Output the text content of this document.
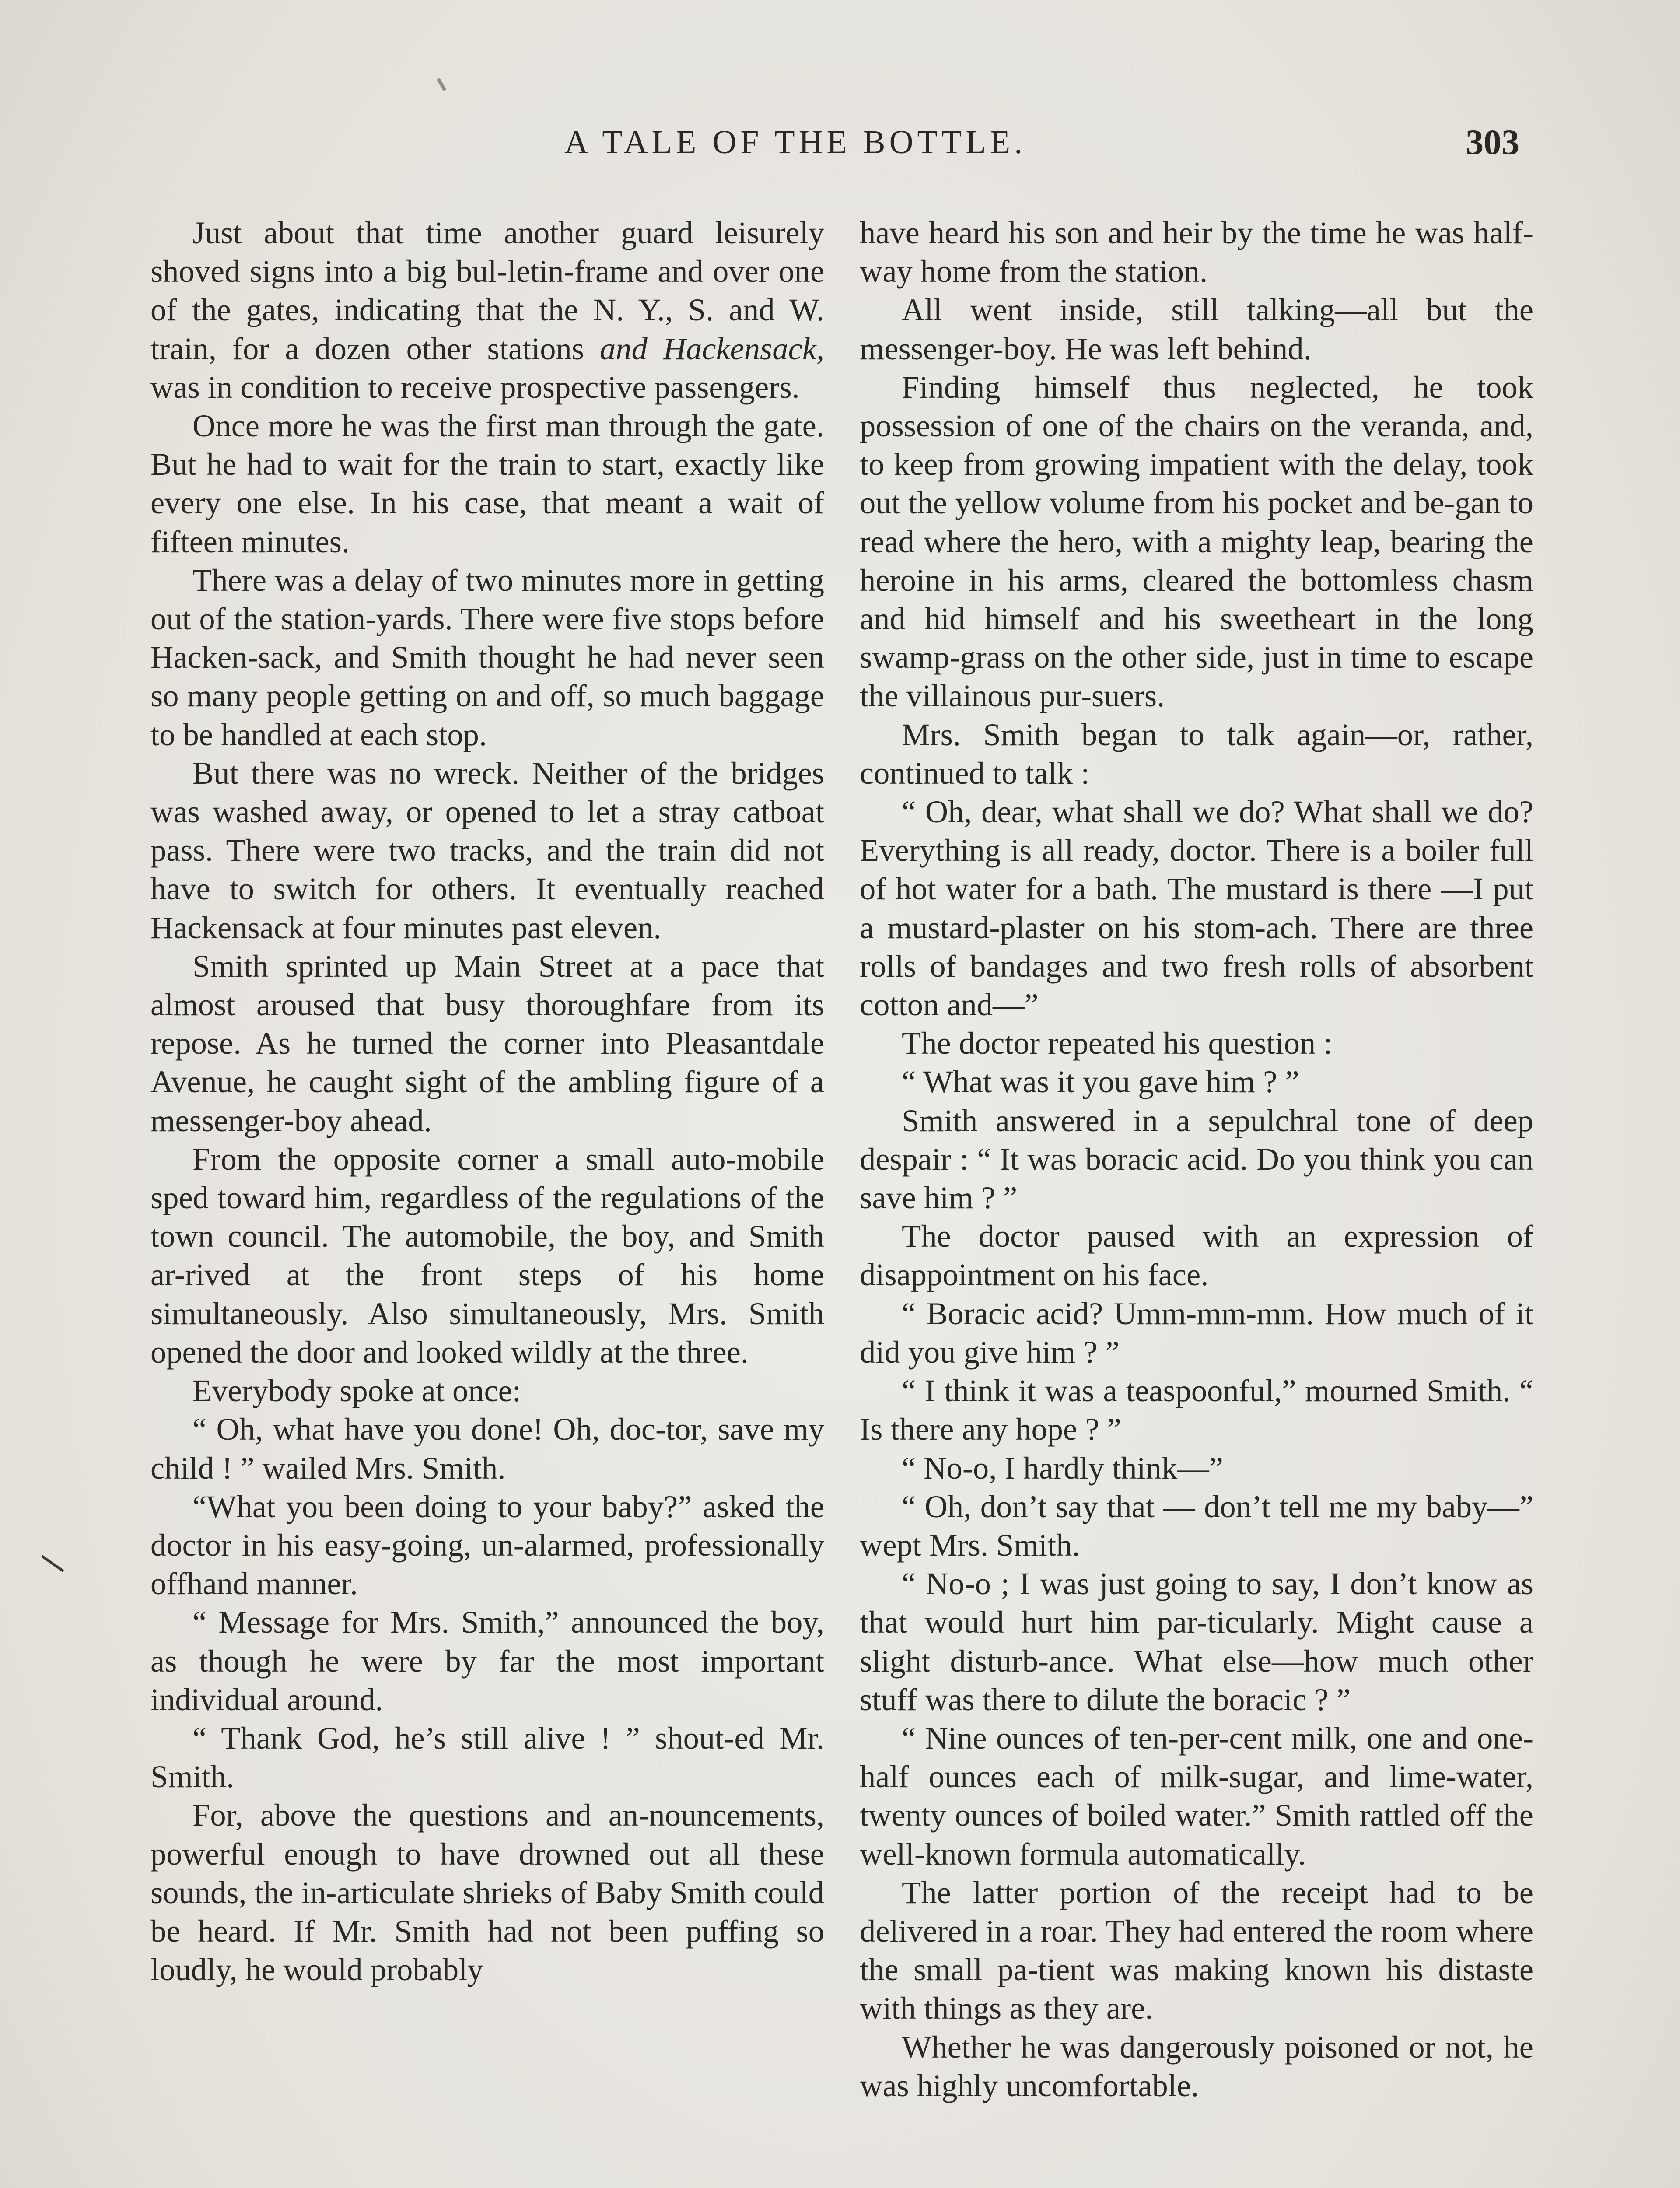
A TALE OF THE BOTTLE.	303

Just about that time another guard leisurely shoved signs into a big bul-letin-frame and over one of the gates, indicating that the N. Y., S. and W. train, for a dozen other stations and Hackensack, was in condition to receive prospective passengers.

Once more he was the first man through the gate. But he had to wait for the train to start, exactly like every one else. In his case, that meant a wait of fifteen minutes.

There was a delay of two minutes more in getting out of the station-yards. There were five stops before Hacken-sack, and Smith thought he had never seen so many people getting on and off, so much baggage to be handled at each stop.

But there was no wreck. Neither of the bridges was washed away, or opened to let a stray catboat pass. There were two tracks, and the train did not have to switch for others. It eventually reached Hackensack at four minutes past eleven.

Smith sprinted up Main Street at a pace that almost aroused that busy thoroughfare from its repose. As he turned the corner into Pleasantdale Avenue, he caught sight of the ambling figure of a messenger-boy ahead.

From the opposite corner a small auto-mobile sped toward him, regardless of the regulations of the town council. The automobile, the boy, and Smith ar-rived at the front steps of his home simultaneously. Also simultaneously, Mrs. Smith opened the door and looked wildly at the three.

Everybody spoke at once:

“ Oh, what have you done! Oh, doc-tor, save my child ! ” wailed Mrs. Smith.

“What you been doing to your baby?” asked the doctor in his easy-going, un-alarmed, professionally offhand manner.

“ Message for Mrs. Smith,” announced the boy, as though he were by far the most important individual around.

“ Thank God, he’s still alive ! ” shout-ed Mr. Smith.

For, above the questions and an-nouncements, powerful enough to have drowned out all these sounds, the in-articulate shrieks of Baby Smith could be heard. If Mr. Smith had not been puffing so loudly, he would probably

have heard his son and heir by the time he was half-way home from the station.

All went inside, still talking—all but the messenger-boy. He was left behind.

Finding himself thus neglected, he took possession of one of the chairs on the veranda, and, to keep from growing impatient with the delay, took out the yellow volume from his pocket and be-gan to read where the hero, with a mighty leap, bearing the heroine in his arms, cleared the bottomless chasm and hid himself and his sweetheart in the long swamp-grass on the other side, just in time to escape the villainous pur-suers.

Mrs. Smith began to talk again—or, rather, continued to talk :

“ Oh, dear, what shall we do? What shall we do? Everything is all ready, doctor. There is a boiler full of hot water for a bath. The mustard is there —I put a mustard-plaster on his stom-ach. There are three rolls of bandages and two fresh rolls of absorbent cotton and—”

The doctor repeated his question :

“ What was it you gave him ? ”

Smith answered in a sepulchral tone of deep despair : “ It was boracic acid. Do you think you can save him ? ”

The doctor paused with an expression of disappointment on his face.

“ Boracic acid? Umm-mm-mm. How much of it did you give him ? ”

“ I think it was a teaspoonful,” mourned Smith. “ Is there any hope ? ”

“ No-o, I hardly think—”

“ Oh, don’t say that — don’t tell me my baby—” wept Mrs. Smith.

“ No-o ; I was just going to say, I don’t know as that would hurt him par-ticularly. Might cause a slight disturb-ance. What else—how much other stuff was there to dilute the boracic ? ”

“ Nine ounces of ten-per-cent milk, one and one-half ounces each of milk-sugar, and lime-water, twenty ounces of boiled water.” Smith rattled off the well-known formula automatically.

The latter portion of the receipt had to be delivered in a roar. They had entered the room where the small pa-tient was making known his distaste with things as they are.

Whether he was dangerously poisoned or not, he was highly uncomfortable.
